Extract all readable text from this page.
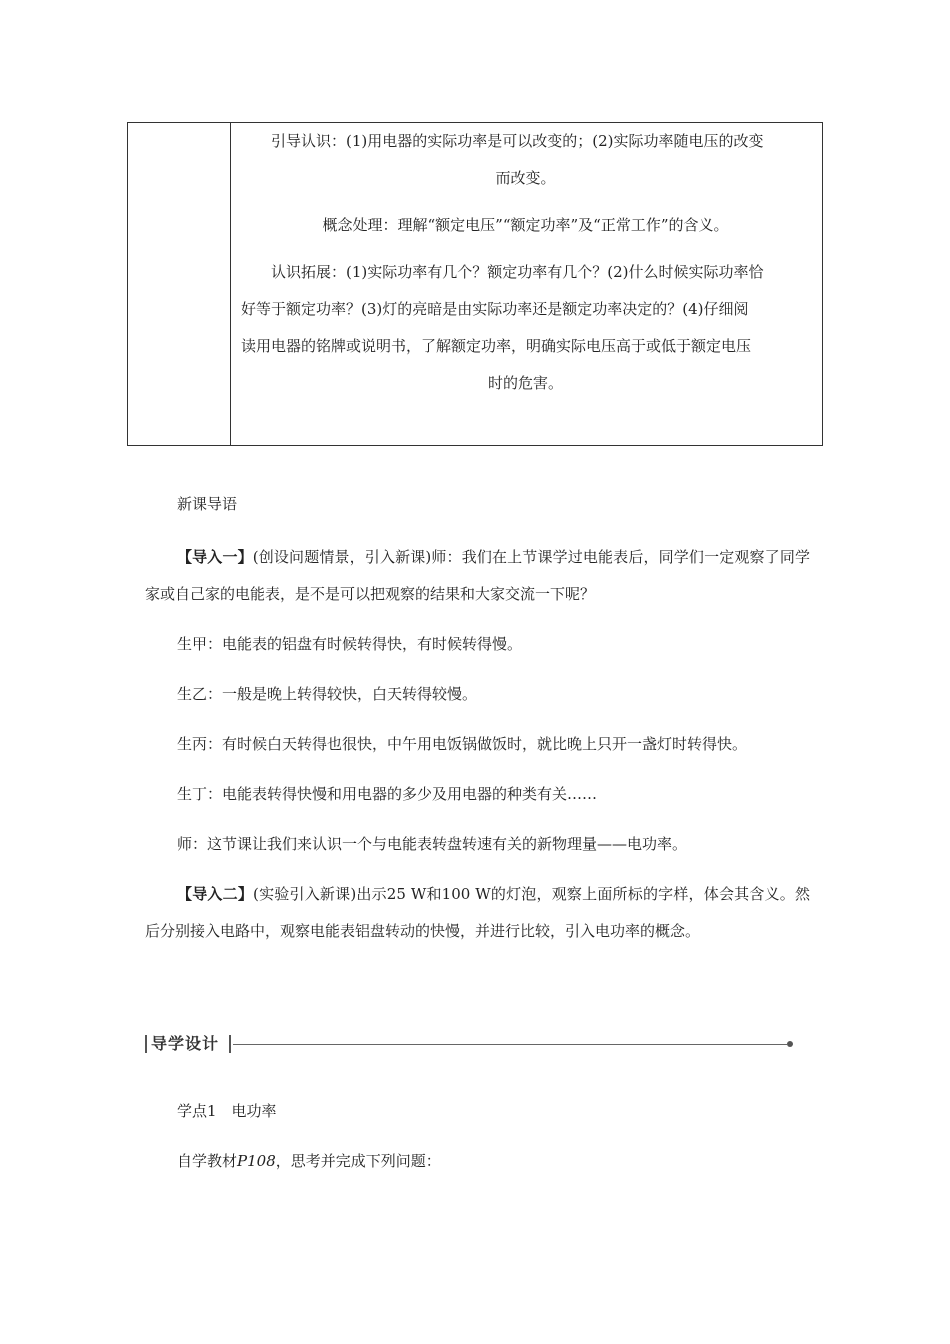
引导认识：(1)用电器的实际功率是可以改变的；(2)实际功率随电压的改变

而改变。

概念处理：理解“额定电压”“额定功率”及“正常工作”的含义。

认识拓展：(1)实际功率有几个？额定功率有几个？(2)什么时候实际功率恰

好等于额定功率？(3)灯的亮暗是由实际功率还是额定功率决定的？(4)仔细阅

读用电器的铭牌或说明书，了解额定功率，明确实际电压高于或低于额定电压

时的危害。

新课导语

【导入一】(创设问题情景，引入新课)师：我们在上节课学过电能表后，同学们一定观察了同学家或自己家的电能表，是不是可以把观察的结果和大家交流一下呢？

生甲：电能表的铝盘有时候转得快，有时候转得慢。

生乙：一般是晚上转得较快，白天转得较慢。

生丙：有时候白天转得也很快，中午用电饭锅做饭时，就比晚上只开一盏灯时转得快。

生丁：电能表转得快慢和用电器的多少及用电器的种类有关……

师：这节课让我们来认识一个与电能表转盘转速有关的新物理量——电功率。

【导入二】(实验引入新课)出示25 W和100 W的灯泡，观察上面所标的字样，体会其含义。然后分别接入电路中，观察电能表铝盘转动的快慢，并进行比较，引入电功率的概念。

导学设计

学点1　电功率

自学教材P108，思考并完成下列问题：
